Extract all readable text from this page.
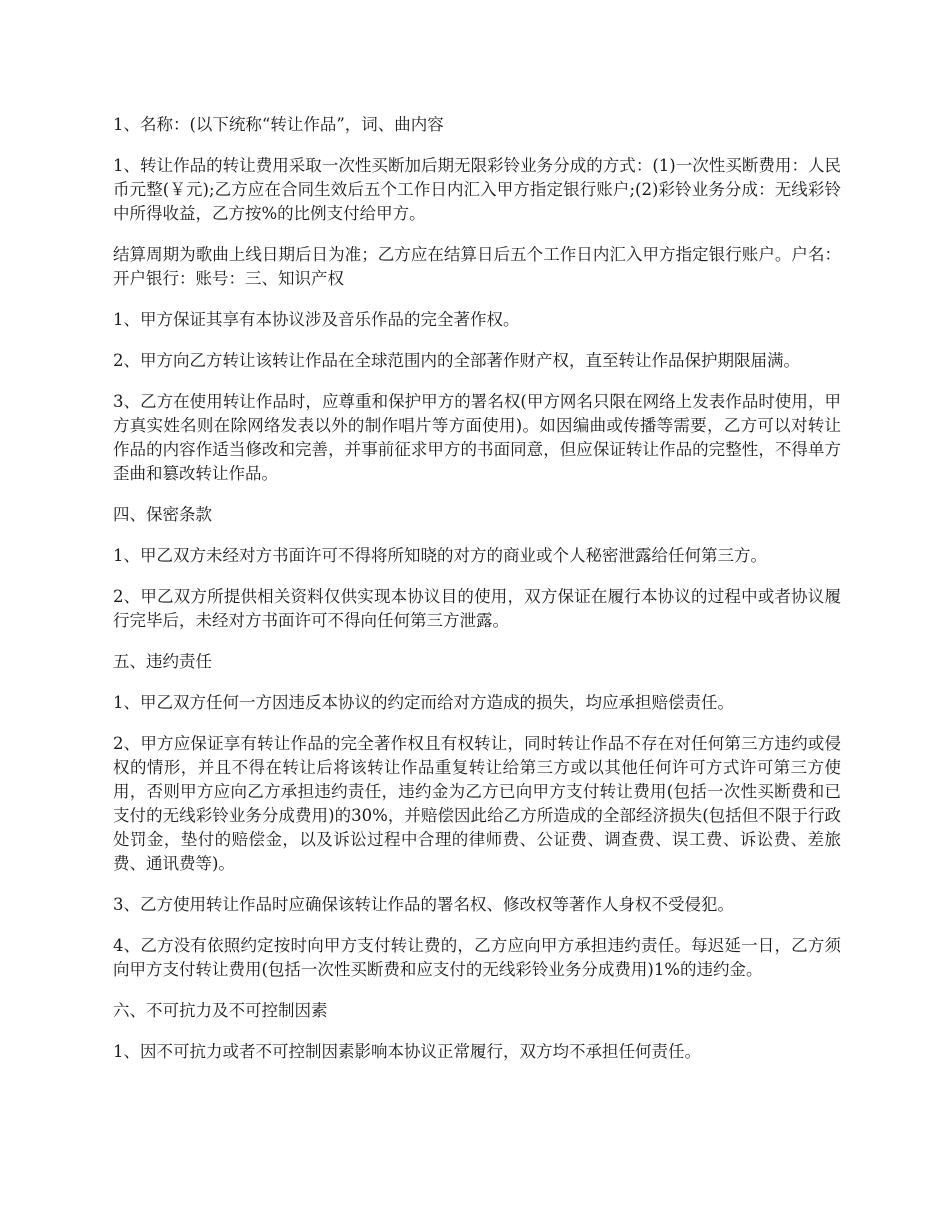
1、名称：(以下统称“转让作品”，词、曲内容

1、转让作品的转让费用采取一次性买断加后期无限彩铃业务分成的方式：(1)一次性买断费用：人民币元整(￥元);乙方应在合同生效后五个工作日内汇入甲方指定银行账户;(2)彩铃业务分成：无线彩铃中所得收益，乙方按%的比例支付给甲方。

结算周期为歌曲上线日期后日为准；乙方应在结算日后五个工作日内汇入甲方指定银行账户。户名：开户银行：账号：三、知识产权

1、甲方保证其享有本协议涉及音乐作品的完全著作权。

2、甲方向乙方转让该转让作品在全球范围内的全部著作财产权，直至转让作品保护期限届满。

3、乙方在使用转让作品时，应尊重和保护甲方的署名权(甲方网名只限在网络上发表作品时使用，甲方真实姓名则在除网络发表以外的制作唱片等方面使用)。如因编曲或传播等需要，乙方可以对转让作品的内容作适当修改和完善，并事前征求甲方的书面同意，但应保证转让作品的完整性，不得单方歪曲和篡改转让作品。

四、保密条款

1、甲乙双方未经对方书面许可不得将所知晓的对方的商业或个人秘密泄露给任何第三方。

2、甲乙双方所提供相关资料仅供实现本协议目的使用，双方保证在履行本协议的过程中或者协议履行完毕后，未经对方书面许可不得向任何第三方泄露。

五、违约责任

1、甲乙双方任何一方因违反本协议的约定而给对方造成的损失，均应承担赔偿责任。

2、甲方应保证享有转让作品的完全著作权且有权转让，同时转让作品不存在对任何第三方违约或侵权的情形，并且不得在转让后将该转让作品重复转让给第三方或以其他任何许可方式许可第三方使用，否则甲方应向乙方承担违约责任，违约金为乙方已向甲方支付转让费用(包括一次性买断费和已支付的无线彩铃业务分成费用)的30%，并赔偿因此给乙方所造成的全部经济损失(包括但不限于行政处罚金，垫付的赔偿金，以及诉讼过程中合理的律师费、公证费、调查费、误工费、诉讼费、差旅费、通讯费等)。

3、乙方使用转让作品时应确保该转让作品的署名权、修改权等著作人身权不受侵犯。

4、乙方没有依照约定按时向甲方支付转让费的，乙方应向甲方承担违约责任。每迟延一日，乙方须向甲方支付转让费用(包括一次性买断费和应支付的无线彩铃业务分成费用)1%的违约金。

六、不可抗力及不可控制因素

1、因不可抗力或者不可控制因素影响本协议正常履行，双方均不承担任何责任。
